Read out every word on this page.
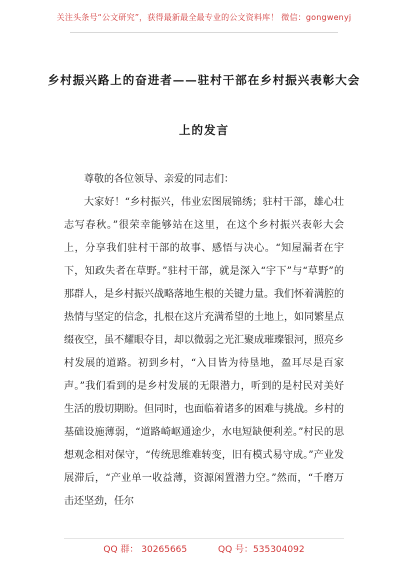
关注头条号“公文研究”，获得最新最全最专业的公文资料库！ 微信：gongwenyj
乡村振兴路上的奋进者——驻村干部在乡村振兴表彰大会
上的发言

尊敬的各位领导、亲爱的同志们：

大家好！“乡村振兴，伟业宏图展锦绣；驻村干部，雄心壮志写春秋。”很荣幸能够站在这里，在这个乡村振兴表彰大会上，分享我们驻村干部的故事、感悟与决心。“知屋漏者在宇下，知政失者在草野。”驻村干部，就是深入“宇下”与“草野”的那群人，是乡村振兴战略落地生根的关键力量。我们怀着满腔的热情与坚定的信念，扎根在这片充满希望的土地上，如同繁星点缀夜空，虽不耀眼夺目，却以微弱之光汇聚成璀璨银河，照亮乡村发展的道路。初到乡村，“入目皆为待垦地，盈耳尽是百家声。”我们看到的是乡村发展的无限潜力，听到的是村民对美好生活的殷切期盼。但同时，也面临着诸多的困难与挑战。乡村的基础设施薄弱，“道路崎岖通途少，水电短缺便利差。”村民的思想观念相对保守，“传统思维难转变，旧有模式易守成。”产业发展滞后，“产业单一收益薄，资源闲置潜力空。”然而，“千磨万击还坚劲，任尔

QQ 群： 30265665	QQ 号：535304092
